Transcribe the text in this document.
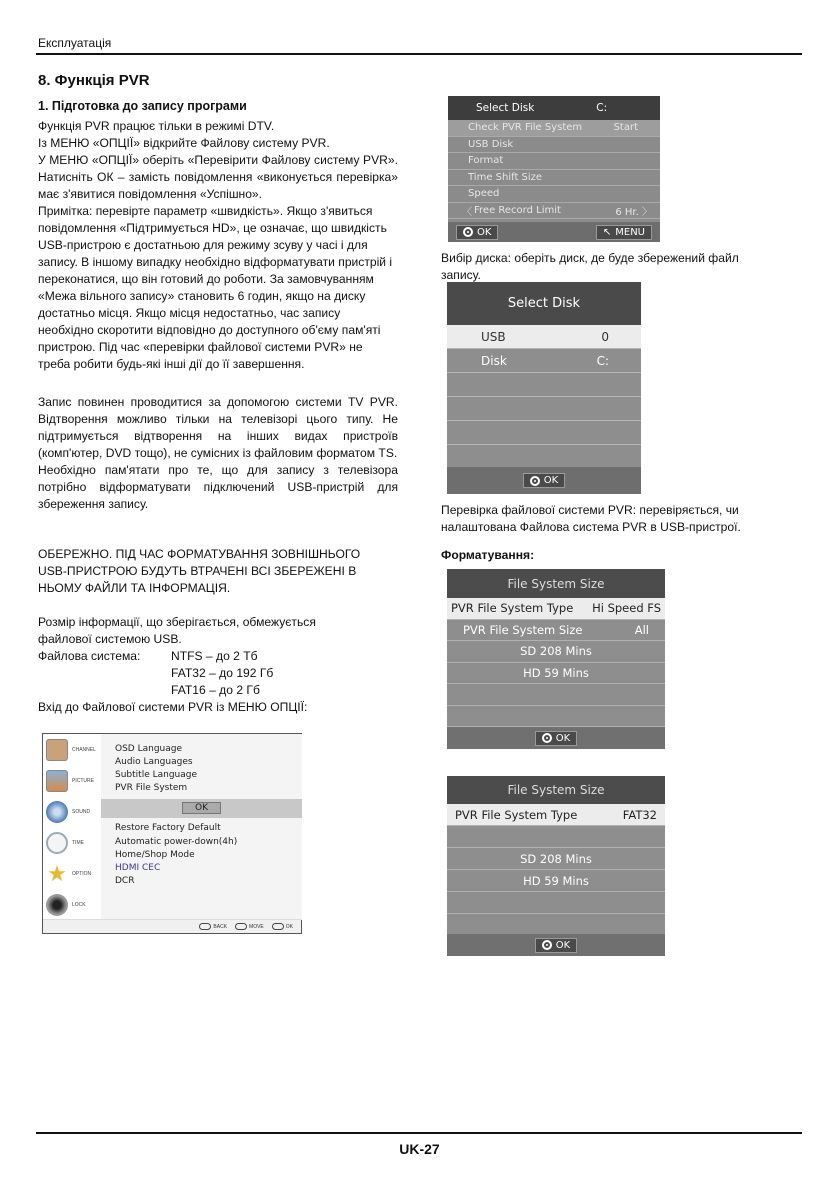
Експлуатація
8. Функція PVR
1. Підготовка до запису програми

Функція PVR працює тільки в режимі DTV.

Із МЕНЮ «ОПЦІЇ» відкрийте Файлову систему PVR.

У МЕНЮ «ОПЦІЇ» оберіть «Перевірити Файлову систему PVR». Натисніть ОК – замість повідомлення «виконується перевірка» має з'явитися повідомлення «Успішно».

Примітка: перевірте параметр «швидкість». Якщо з'явиться повідомлення «Підтримується HD», це означає, що швидкість USB-пристрою є достатньою для режиму зсуву у часі і для запису. В іншому випадку необхідно відформатувати пристрій і переконатися, що він готовий до роботи. За замовчуванням «Межа вільного запису» становить 6 годин, якщо на диску достатньо місця. Якщо місця недостатньо, час запису необхідно скоротити відповідно до доступного об'єму пам'яті пристрою. Під час «перевірки файлової системи PVR» не треба робити будь-які інші дії до її завершення.

Запис повинен проводитися за допомогою системи TV PVR. Відтворення можливо тільки на телевізорі цього типу. Не підтримується відтворення на інших видах пристроїв (комп'ютер, DVD тощо), не сумісних із файловим форматом TS.

Необхідно пам'ятати про те, що для запису з телевізора потрібно відформатувати підключений USB-пристрій для збереження запису.

ОБЕРЕЖНО. ПІД ЧАС ФОРМАТУВАННЯ ЗОВНІШНЬОГО USB-ПРИСТРОЮ БУДУТЬ ВТРАЧЕНІ ВСІ ЗБЕРЕЖЕНІ В НЬОМУ ФАЙЛИ ТА ІНФОРМАЦІЯ.
Розмір інформації, що зберігається, обмежується файлової системою USB.
Файлова система:	NTFS – до 2 Тб
FAT32 – до 192 Гб
FAT16 – до 2 Гб
Вхід до Файлової системи PVR із МЕНЮ ОПЦІЇ:
CHANNEL
PICTURE
SOUND
TIME
★ OPTION
LOCK
OSD Language
Audio Languages
Subtitle Language
PVR File System
OK
Restore Factory Default
Automatic power-down(4h)
Home/Shop Mode
HDMI CEC
DCR
BACK	MOVE	OK
Select Disk	C:
Check PVR File System	Start
USB Disk
Format
Time Shift Size
Speed
〈 Free Record Limit	6 Hr. 〉
OK	↖ MENU
Вибір диска: оберіть диск, де буде збережений файл запису.
Select Disk
USB	0
Disk	C:
OK
Перевірка файлової системи PVR: перевіряється, чи налаштована Файлова система PVR в USB-пристрої.
Форматування:
File System Size
PVR File System Type Hi Speed FS
PVR File System Size	All
SD 208 Mins
HD 59 Mins
OK
File System Size
PVR File System Type	FAT32
SD 208 Mins
HD 59 Mins
OK
UK-27
